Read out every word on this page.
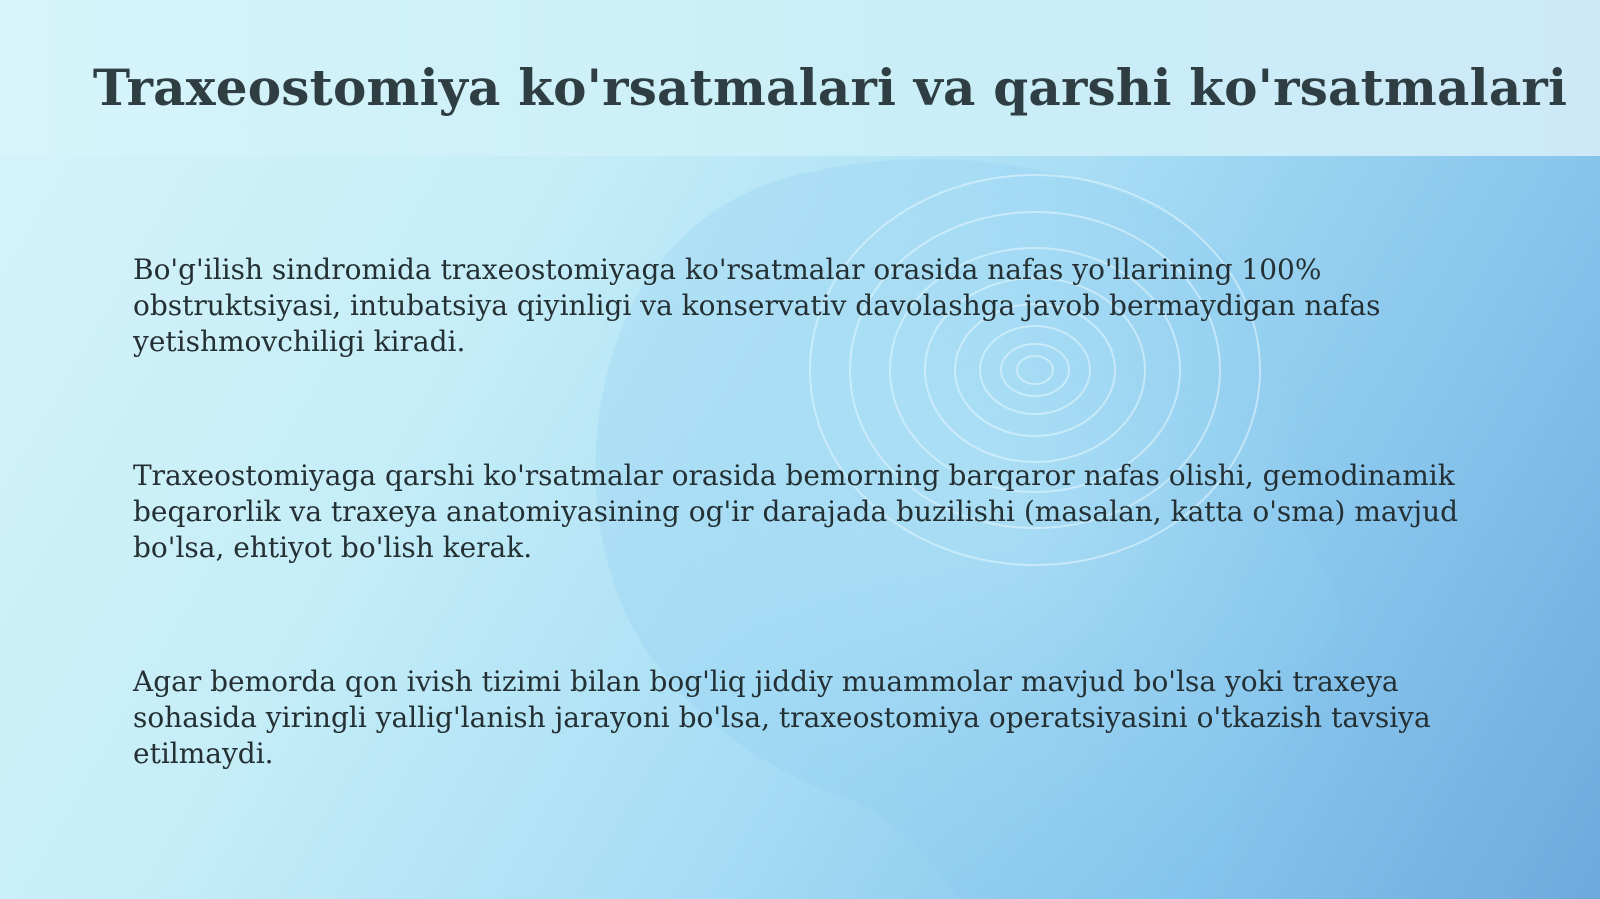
Traxeostomiya ko'rsatmalari va qarshi ko'rsatmalari

Bo'g'ilish sindromida traxeostomiyaga ko'rsatmalar orasida nafas yo'llarining 100% obstruktsiyasi, intubatsiya qiyinligi va konservativ davolashga javob bermaydigan nafas yetishmovchiligi kiradi.

Traxeostomiyaga qarshi ko'rsatmalar orasida bemorning barqaror nafas olishi, gemodinamik beqarorlik va traxeya anatomiyasining og'ir darajada buzilishi (masalan, katta o'sma) mavjud bo'lsa, ehtiyot bo'lish kerak.

Agar bemorda qon ivish tizimi bilan bog'liq jiddiy muammolar mavjud bo'lsa yoki traxeya sohasida yiringli yallig'lanish jarayoni bo'lsa, traxeostomiya operatsiyasini o'tkazish tavsiya etilmaydi.
